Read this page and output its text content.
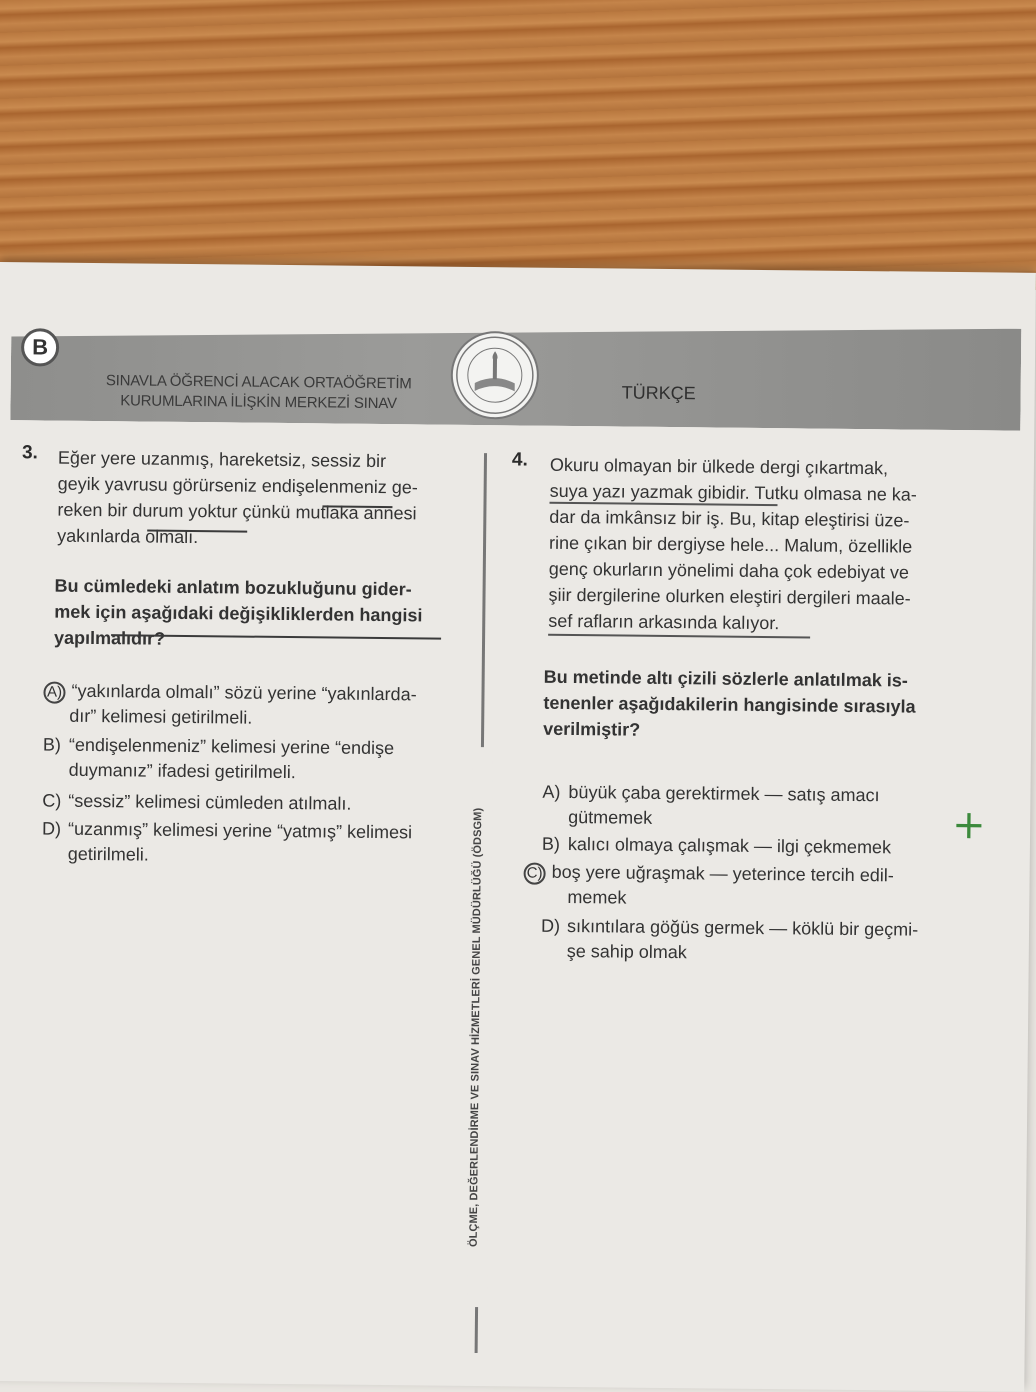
B
SINAVLA ÖĞRENCİ ALACAK ORTAÖĞRETİM
KURUMLARINA İLİŞKİN MERKEZİ SINAV	TÜRKÇE
ÖLÇME, DEĞERLENDİRME VE SINAV HİZMETLERİ GENEL MÜDÜRLÜĞÜ (ÖDSGM)
3. Eğer yere uzanmış, hareketsiz, sessiz bir
geyik yavrusu görürseniz endişelenmeniz ge-
reken bir durum yoktur çünkü mutlaka annesi
yakınlarda olmalı.
Bu cümledeki anlatım bozukluğunu gider-
mek için aşağıdaki değişikliklerden hangisi
yapılmalıdır?
A) “yakınlarda olmalı” sözü yerine “yakınlarda-
dır” kelimesi getirilmeli.
B) “endişelenmeniz” kelimesi yerine “endişe
duymanız” ifadesi getirilmeli.
C) “sessiz” kelimesi cümleden atılmalı.
D) “uzanmış” kelimesi yerine “yatmış” kelimesi
getirilmeli.
4. Okuru olmayan bir ülkede dergi çıkartmak,
suya yazı yazmak gibidir. Tutku olmasa ne ka-
dar da imkânsız bir iş. Bu, kitap eleştirisi üze-
rine çıkan bir dergiyse hele... Malum, özellikle
genç okurların yönelimi daha çok edebiyat ve
şiir dergilerine olurken eleştiri dergileri maale-
sef rafların arkasında kalıyor.
Bu metinde altı çizili sözlerle anlatılmak is-
tenenler aşağıdakilerin hangisinde sırasıyla
verilmiştir?
A) büyük çaba gerektirmek — satış amacı
gütmemek
B) kalıcı olmaya çalışmak — ilgi çekmemek
C) boş yere uğraşmak — yeterince tercih edil-
memek
D) sıkıntılara göğüs germek — köklü bir geçmi-
şe sahip olmak
+
